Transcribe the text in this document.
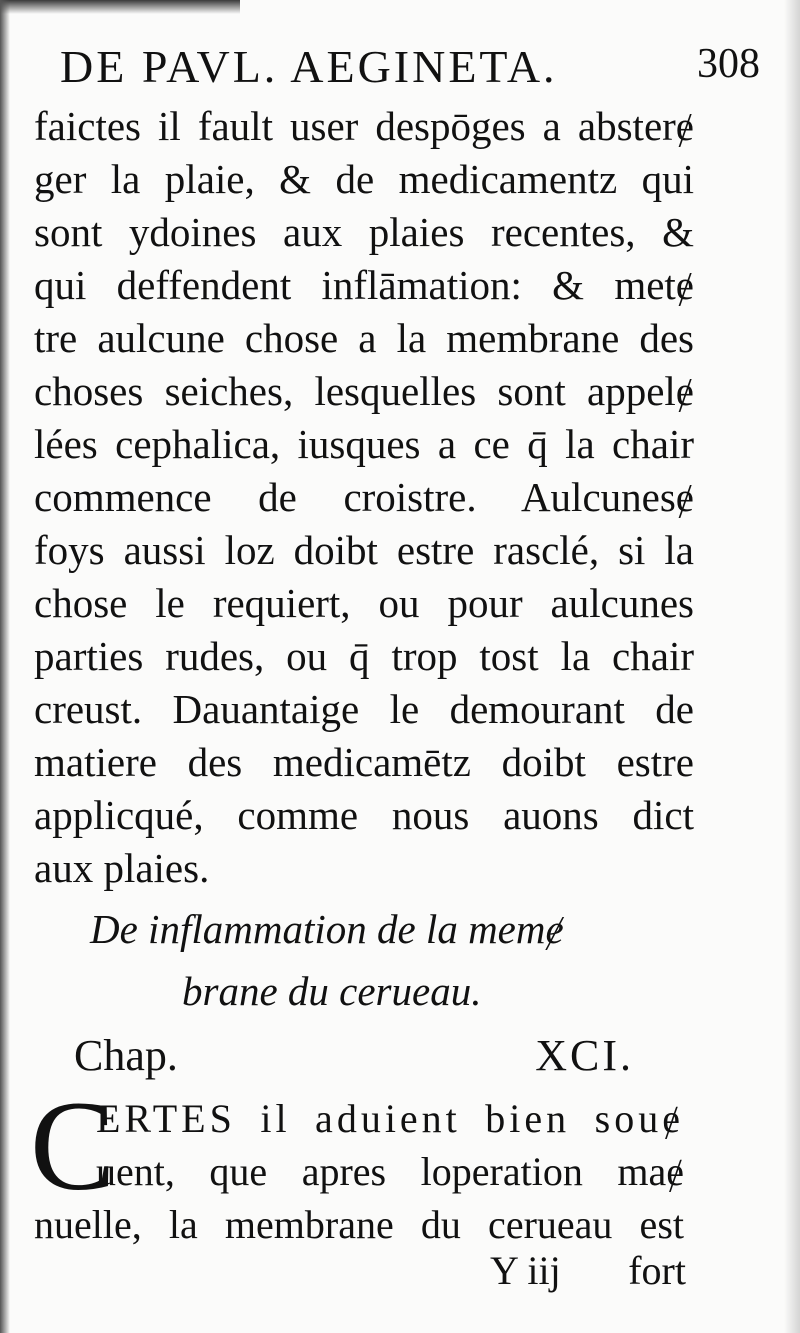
DE PAVL. AEGINETA.	308
faictes il fault user despōges a absterɇ
ger la plaie, & de medicamentz qui
sont ydoines aux plaies recentes, &
qui deffendent inflāmation: & metɇ
tre aulcune chose a la membrane des
choses seiches, lesquelles sont appelɇ
lées cephalica, iusques a ce q̄ la chair
commence de croistre. Aulcunesɇ
foys aussi loz doibt estre rasclé, si la
chose le requiert, ou pour aulcunes
parties rudes, ou q̄ trop tost la chair
creust. Dauantaige le demourant de
matiere des medicamētz doibt estre
applicqué, comme nous auons dict
aux plaies.
De inflammation de la memɇ
brane du cerueau.
Chap.	XCI.
C
ERTES il aduient bien souɇ
uent, que apres loperation maɇ
nuelle, la membrane du cerueau est
Y iij fort
